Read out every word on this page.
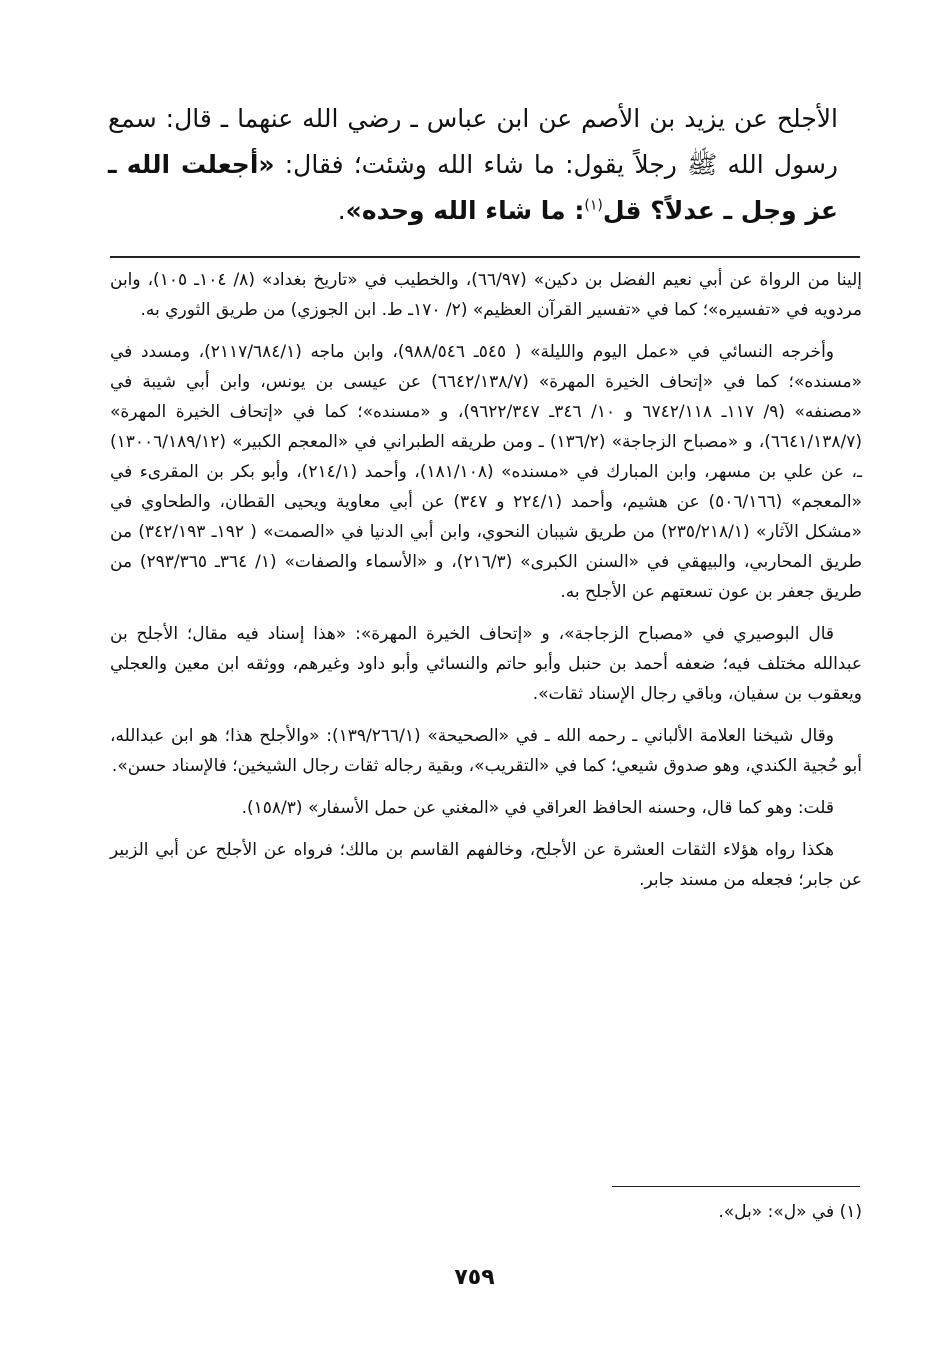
الأجلح عن يزيد بن الأصم عن ابن عباس ـ رضي الله عنهما ـ قال: سمع رسول الله ﷺ رجلاً يقول: ما شاء الله وشئت؛ فقال: «أجعلت الله ـ عز وجل ـ عدلاً؟ قل$^{(١)}$: ما شاء الله وحده».

إلينا من الرواة عن أبي نعيم الفضل بن دكين» (٦٦/٩٧)، والخطيب في «تاريخ بغداد» (٨/ ١٠٤ـ ١٠٥)، وابن مردويه في «تفسيره»؛ كما في «تفسير القرآن العظيم» (٢/ ١٧٠ـ ط. ابن الجوزي) من طريق الثوري به.

وأخرجه النسائي في «عمل اليوم والليلة» ( ٥٤٥ـ ٩٨٨/٥٤٦)، وابن ماجه (٢١١٧/٦٨٤/١)، ومسدد في «مسنده»؛ كما في «إتحاف الخيرة المهرة» (٦٦٤٢/١٣٨/٧) عن عيسى بن يونس، وابن أبي شيبة في «مصنفه» (٩/ ١١٧ـ ٦٧٤٢/١١٨ و ١٠/ ٣٤٦ـ ٩٦٢٢/٣٤٧)، و «مسنده»؛ كما في «إتحاف الخيرة المهرة» (٦٦٤١/١٣٨/٧)، و «مصباح الزجاجة» (١٣٦/٢) ـ ومن طريقه الطبراني في «المعجم الكبير» (١٣٠٠٦/١٨٩/١٢) ـ، عن علي بن مسهر، وابن المبارك في «مسنده» (١٨١/١٠٨)، وأحمد (٢١٤/١)، وأبو بكر بن المقرىء في «المعجم» (٥٠٦/١٦٦) عن هشيم، وأحمد (٢٢٤/١ و ٣٤٧) عن أبي معاوية ويحيى القطان، والطحاوي في «مشكل الآثار» (٢٣٥/٢١٨/١) من طريق شيبان النحوي، وابن أبي الدنيا في «الصمت» ( ١٩٢ـ ٣٤٢/١٩٣) من طريق المحاربي، والبيهقي في «السنن الكبرى» (٢١٦/٣)، و «الأسماء والصفات» (١/ ٣٦٤ـ ٢٩٣/٣٦٥) من طريق جعفر بن عون تسعتهم عن الأجلح به.

قال البوصيري في «مصباح الزجاجة»، و «إتحاف الخيرة المهرة»: «هذا إسناد فيه مقال؛ الأجلح بن عبدالله مختلف فيه؛ ضعفه أحمد بن حنبل وأبو حاتم والنسائي وأبو داود وغيرهم، ووثقه ابن معين والعجلي ويعقوب بن سفيان، وباقي رجال الإسناد ثقات».

وقال شيخنا العلامة الألباني ـ رحمه الله ـ في «الصحيحة» (١٣٩/٢٦٦/١): «والأجلح هذا؛ هو ابن عبدالله، أبو حُجية الكندي، وهو صدوق شيعي؛ كما في «التقريب»، وبقية رجاله ثقات رجال الشيخين؛ فالإسناد حسن».

قلت: وهو كما قال، وحسنه الحافظ العراقي في «المغني عن حمل الأسفار» (١٥٨/٣).

هكذا رواه هؤلاء الثقات العشرة عن الأجلح، وخالفهم القاسم بن مالك؛ فرواه عن الأجلح عن أبي الزبير عن جابر؛ فجعله من مسند جابر.

(١) في «ل»: «بل».
٧٥٩
